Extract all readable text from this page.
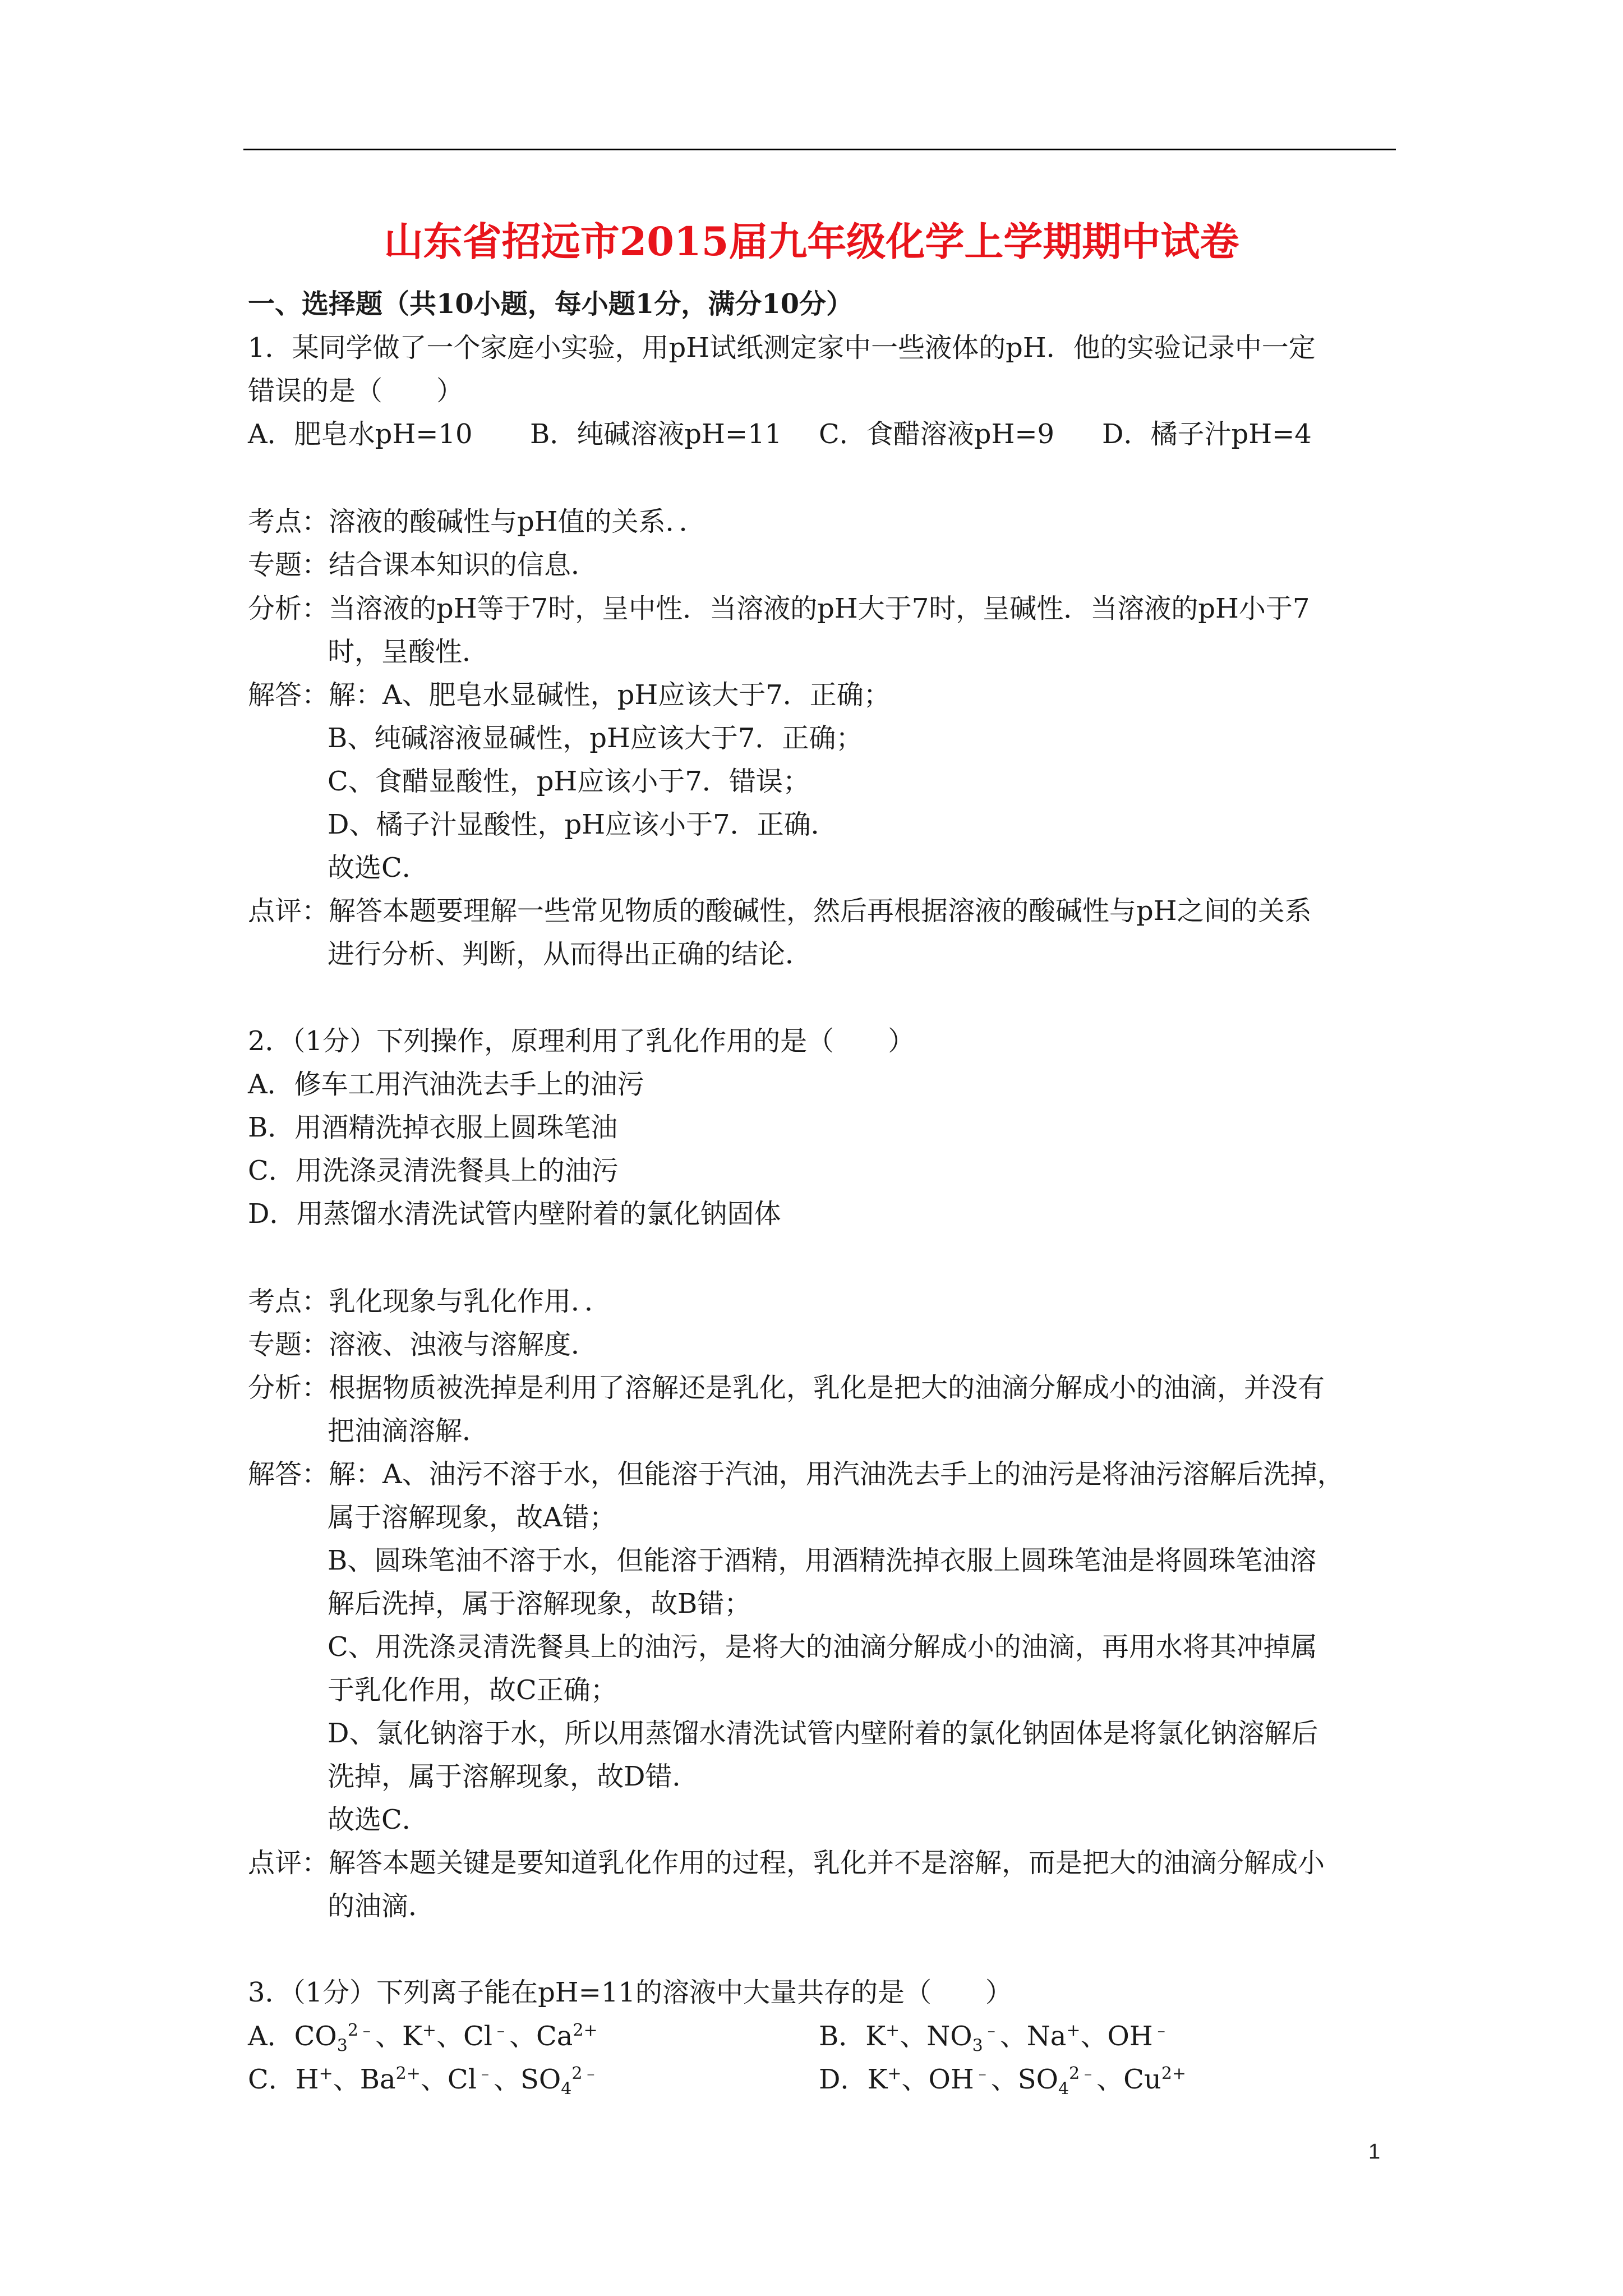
山东省招远市2015届九年级化学上学期期中试卷
一、选择题（共10小题，每小题1分，满分10分）
1．某同学做了一个家庭小实验，用pH试纸测定家中一些液体的pH．他的实验记录中一定
错误的是（　　）
A．肥皂水pH=10 B．纯碱溶液pH=11 C．食醋溶液pH=9 D．橘子汁pH=4
考点：溶液的酸碱性与pH值的关系．．
专题：结合课本知识的信息．
分析：当溶液的pH等于7时，呈中性．当溶液的pH大于7时，呈碱性．当溶液的pH小于7
时，呈酸性．
解答：解：A、肥皂水显碱性，pH应该大于7．正确；
B、纯碱溶液显碱性，pH应该大于7．正确；
C、食醋显酸性，pH应该小于7．错误；
D、橘子汁显酸性，pH应该小于7．正确．
故选C．
点评：解答本题要理解一些常见物质的酸碱性，然后再根据溶液的酸碱性与pH之间的关系
进行分析、判断，从而得出正确的结论．
2．（1分）下列操作，原理利用了乳化作用的是（　　）
A．修车工用汽油洗去手上的油污
B．用酒精洗掉衣服上圆珠笔油
C．用洗涤灵清洗餐具上的油污
D．用蒸馏水清洗试管内壁附着的氯化钠固体
考点：乳化现象与乳化作用．．
专题：溶液、浊液与溶解度．
分析：根据物质被洗掉是利用了溶解还是乳化，乳化是把大的油滴分解成小的油滴，并没有
把油滴溶解．
解答：解：A、油污不溶于水，但能溶于汽油，用汽油洗去手上的油污是将油污溶解后洗掉，
属于溶解现象，故A错；
B、圆珠笔油不溶于水，但能溶于酒精，用酒精洗掉衣服上圆珠笔油是将圆珠笔油溶
解后洗掉，属于溶解现象，故B错；
C、用洗涤灵清洗餐具上的油污，是将大的油滴分解成小的油滴，再用水将其冲掉属
于乳化作用，故C正确；
D、氯化钠溶于水，所以用蒸馏水清洗试管内壁附着的氯化钠固体是将氯化钠溶解后
洗掉，属于溶解现象，故D错．
故选C．
点评：解答本题关键是要知道乳化作用的过程，乳化并不是溶解，而是把大的油滴分解成小
的油滴．
3．（1分）下列离子能在pH=11的溶液中大量共存的是（　　）
A．$CO_3^{2﹣}$、K+、Cl﹣、$Ca^{2+}$	B．K+、$NO_3^﹣$、Na+、OH﹣
C．H+、$Ba^{2+}$、Cl﹣、$SO_4^{2﹣}$	D．K+、OH﹣、$SO_4^{2﹣}$、$Cu^{2+}$
1
